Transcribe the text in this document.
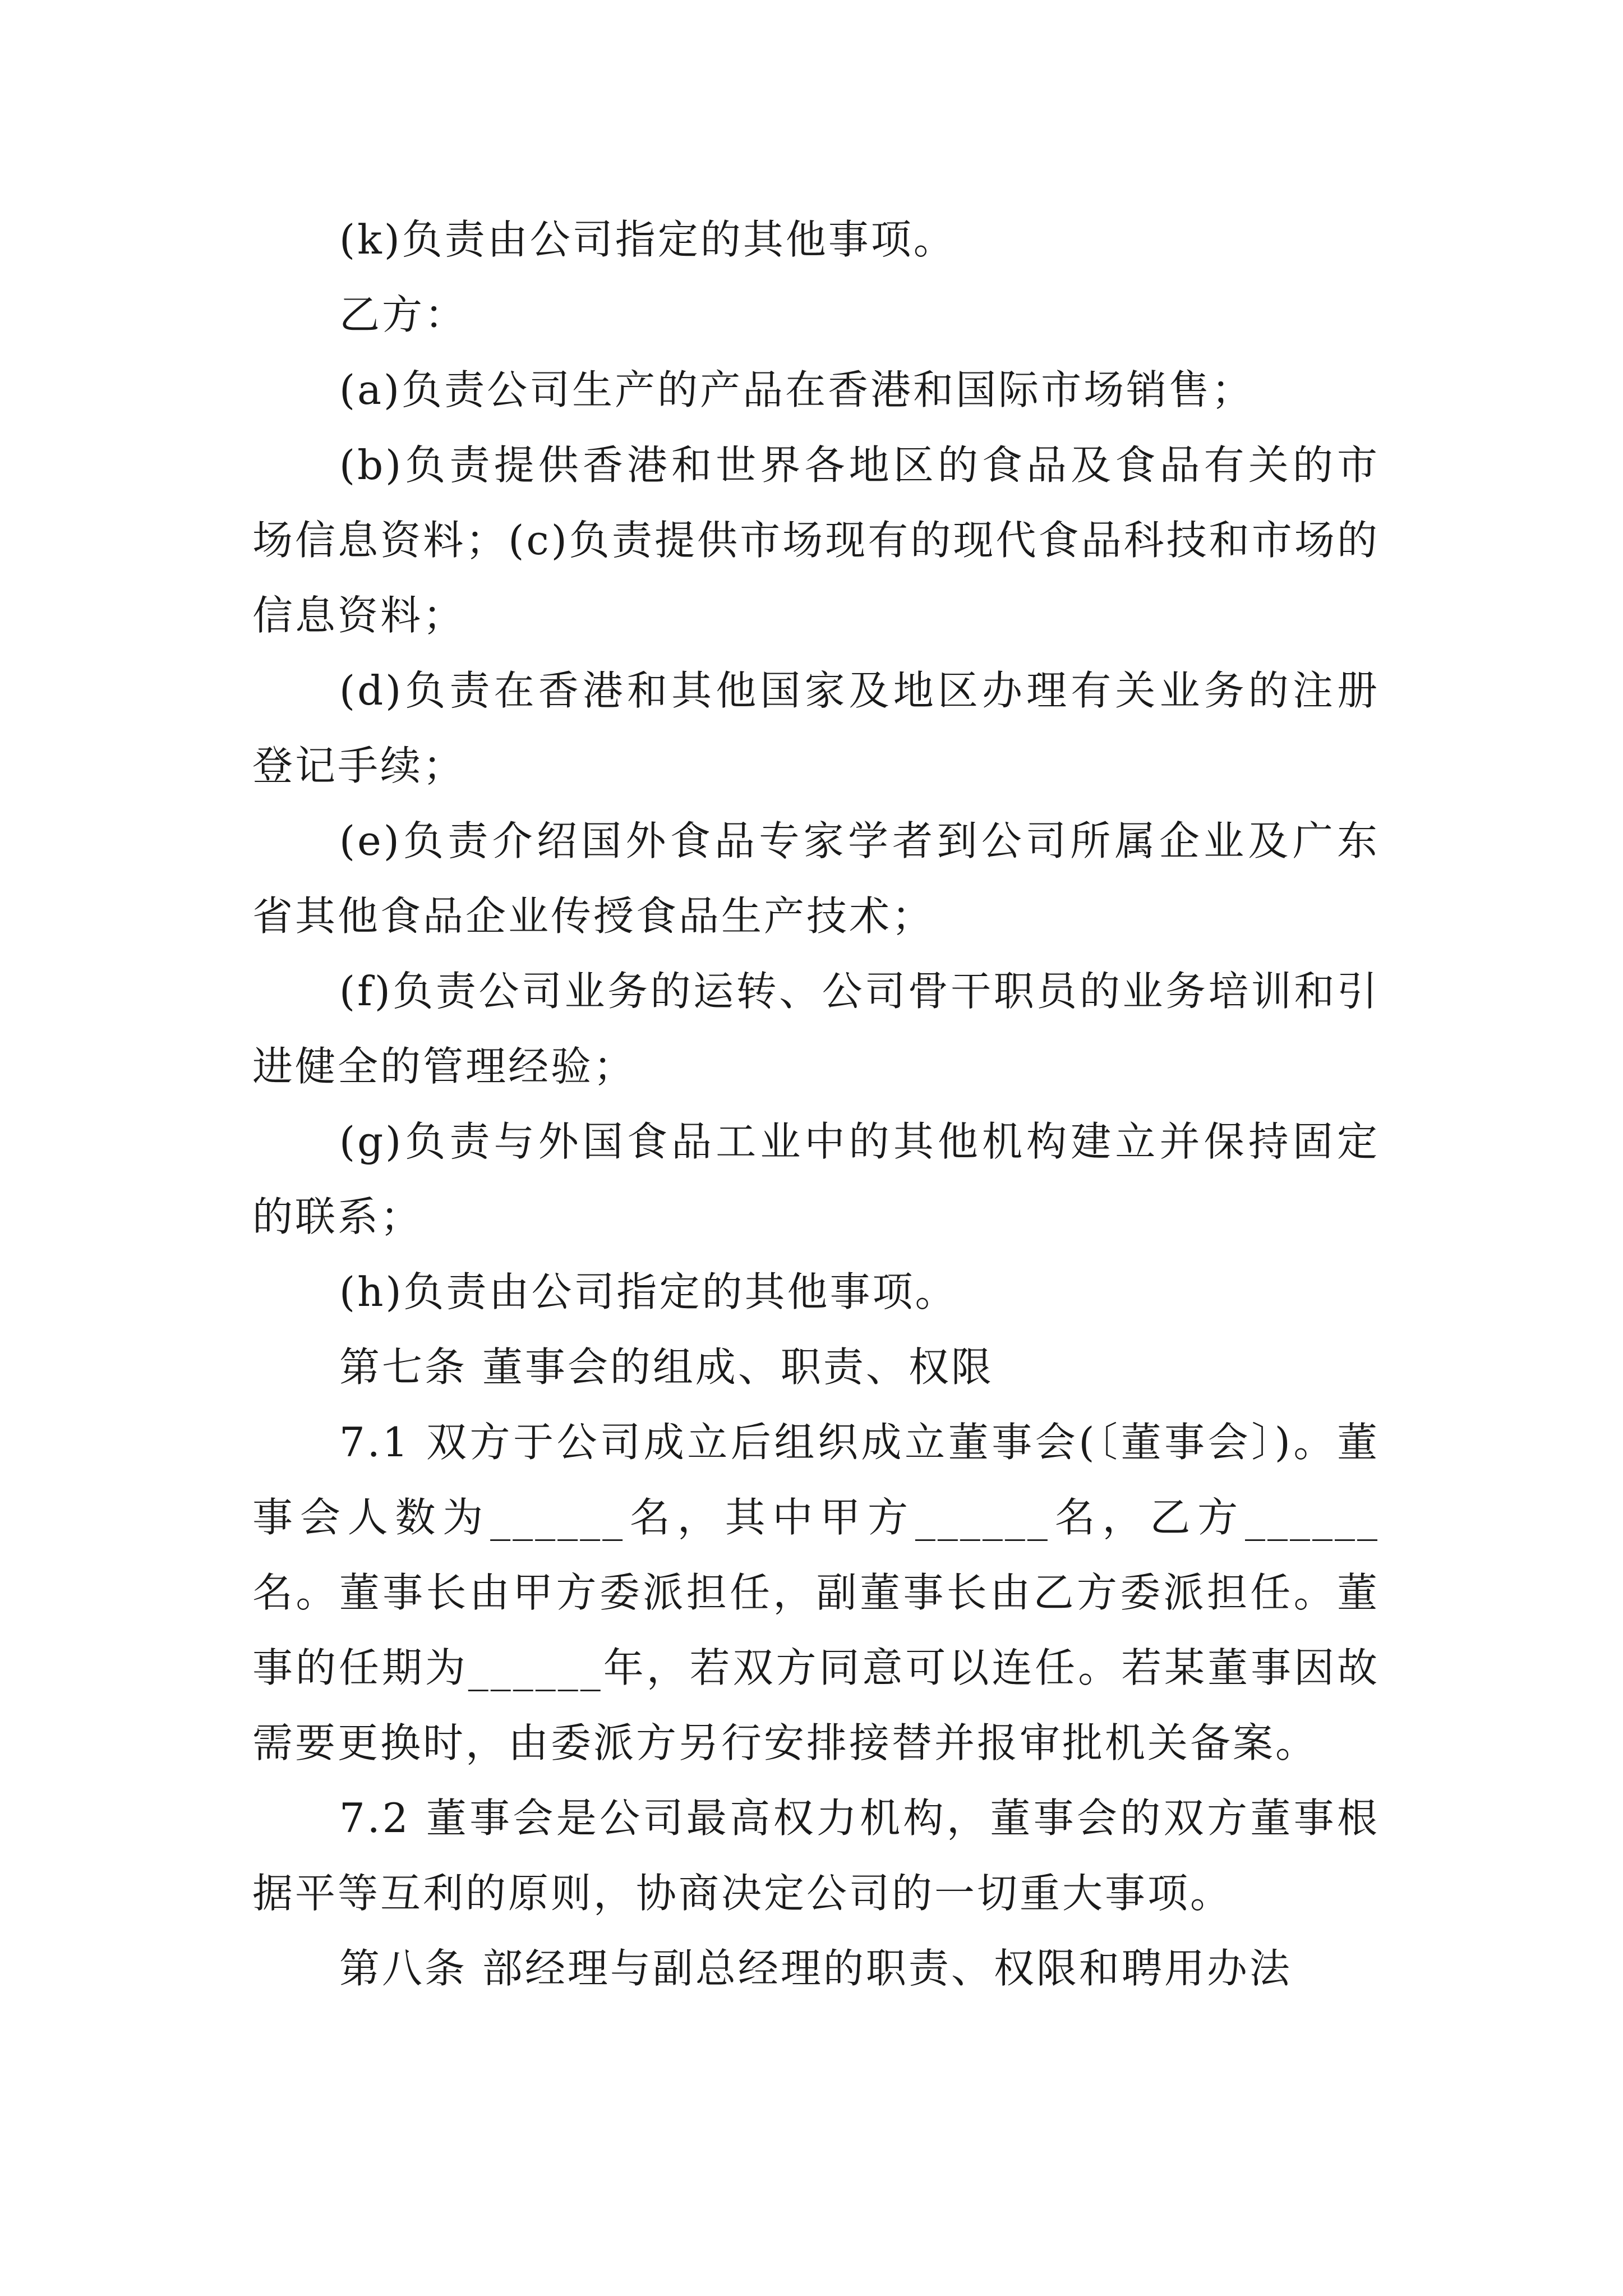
(k)负责由公司指定的其他事项。

乙方：

(a)负责公司生产的产品在香港和国际市场销售；

(b)负责提供香港和世界各地区的食品及食品有关的市场信息资料；(c)负责提供市场现有的现代食品科技和市场的信息资料；

(d)负责在香港和其他国家及地区办理有关业务的注册登记手续；

(e)负责介绍国外食品专家学者到公司所属企业及广东省其他食品企业传授食品生产技术；

(f)负责公司业务的运转、公司骨干职员的业务培训和引进健全的管理经验；

(g)负责与外国食品工业中的其他机构建立并保持固定的联系；

(h)负责由公司指定的其他事项。

第七条 董事会的组成、职责、权限

7.1 双方于公司成立后组织成立董事会(〔董事会〕)。董事会人数为______名，其中甲方______名，乙方______名。董事长由甲方委派担任，副董事长由乙方委派担任。董事的任期为______年，若双方同意可以连任。若某董事因故需要更换时，由委派方另行安排接替并报审批机关备案。

7.2 董事会是公司最高权力机构，董事会的双方董事根据平等互利的原则，协商决定公司的一切重大事项。

第八条 部经理与副总经理的职责、权限和聘用办法
